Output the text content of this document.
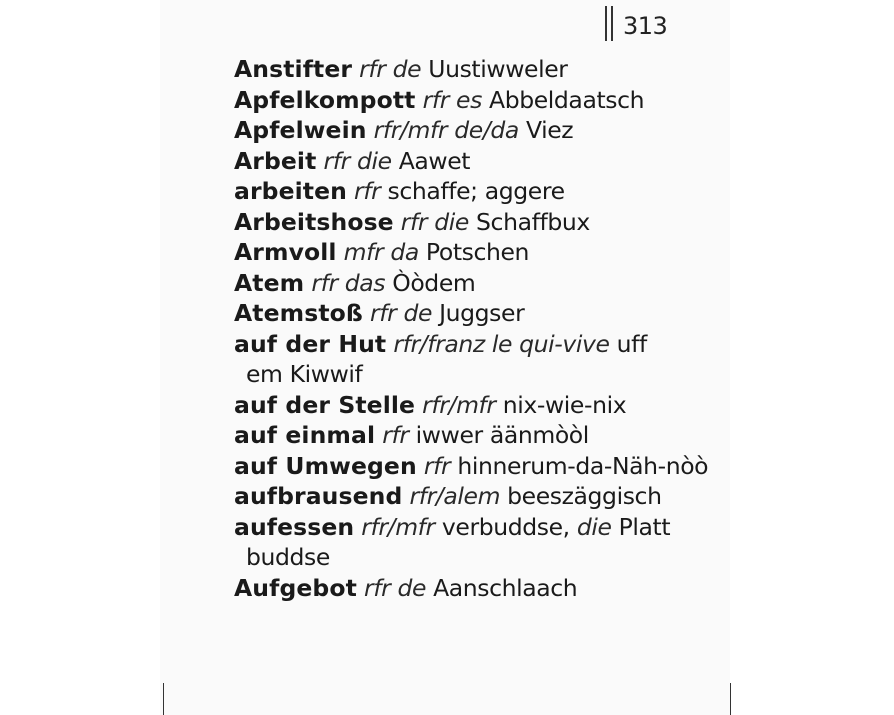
313
Anstifter rfr de Uustiwweler
Apfelkompott rfr es Abbeldaatsch
Apfelwein rfr/mfr de/da Viez
Arbeit rfr die Aawet
arbeiten rfr schaffe; aggere
Arbeitshose rfr die Schaffbux
Armvoll mfr da Potschen
Atem rfr das Òòdem
Atemstoß rfr de Juggser
auf der Hut rfr/franz le qui-vive uff
em Kiwwif
auf der Stelle rfr/mfr nix-wie-nix
auf einmal rfr iwwer äänmòòl
auf Umwegen rfr hinnerum-da-Näh-nòò
aufbrausend rfr/alem beeszäggisch
aufessen rfr/mfr verbuddse, die Platt
buddse
Aufgebot rfr de Aanschlaach
